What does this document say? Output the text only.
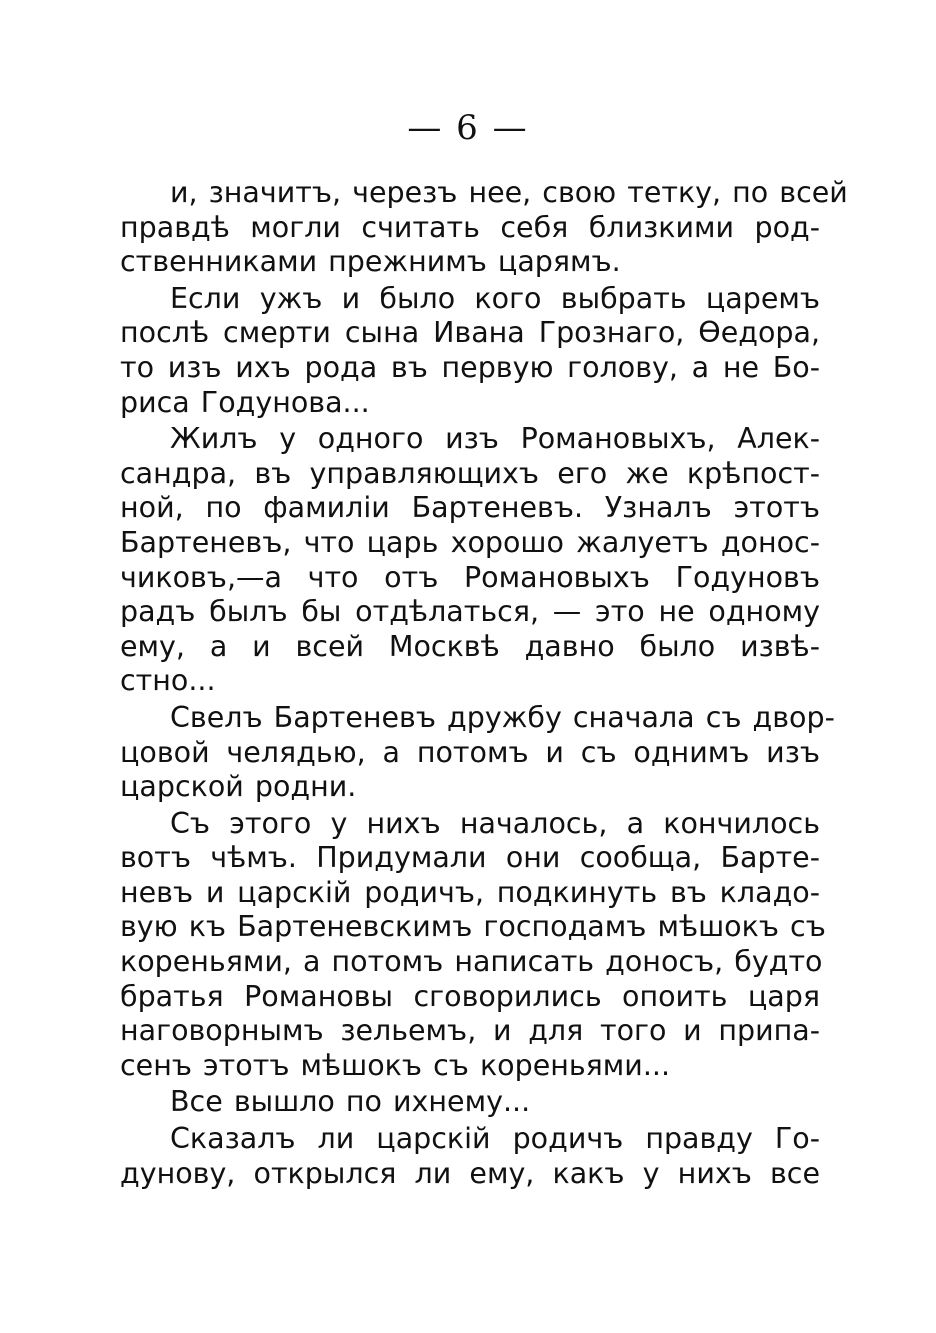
— 6 —
и, значитъ, черезъ нее, свою тетку, по всей
правдѣ могли считать себя близкими род-
ственниками прежнимъ царямъ.
Если ужъ и было кого выбрать царемъ
послѣ смерти сына Ивана Грознаго, Ѳедора,
то изъ ихъ рода въ первую голову, а не Бо-
риса Годунова...
Жилъ у одного изъ Романовыхъ, Алек-
сандра, въ управляющихъ его же крѣпост-
ной, по фамиліи Бартеневъ. Узналъ этотъ
Бартеневъ, что царь хорошо жалуетъ донос-
чиковъ,—а что отъ Романовыхъ Годуновъ
радъ былъ бы отдѣлаться, — это не одному
ему, а и всей Москвѣ давно было извѣ-
стно...
Свелъ Бартеневъ дружбу сначала съ двор-
цовой челядью, а потомъ и съ однимъ изъ
царской родни.
Съ этого у нихъ началось, а кончилось
вотъ чѣмъ. Придумали они сообща, Барте-
невъ и царскій родичъ, подкинуть въ кладо-
вую къ Бартеневскимъ господамъ мѣшокъ съ
кореньями, а потомъ написать доносъ, будто
братья Романовы сговорились опоить царя
наговорнымъ зельемъ, и для того и припа-
сенъ этотъ мѣшокъ съ кореньями...
Все вышло по ихнему...
Сказалъ ли царскій родичъ правду Го-
дунову, открылся ли ему, какъ у нихъ все
